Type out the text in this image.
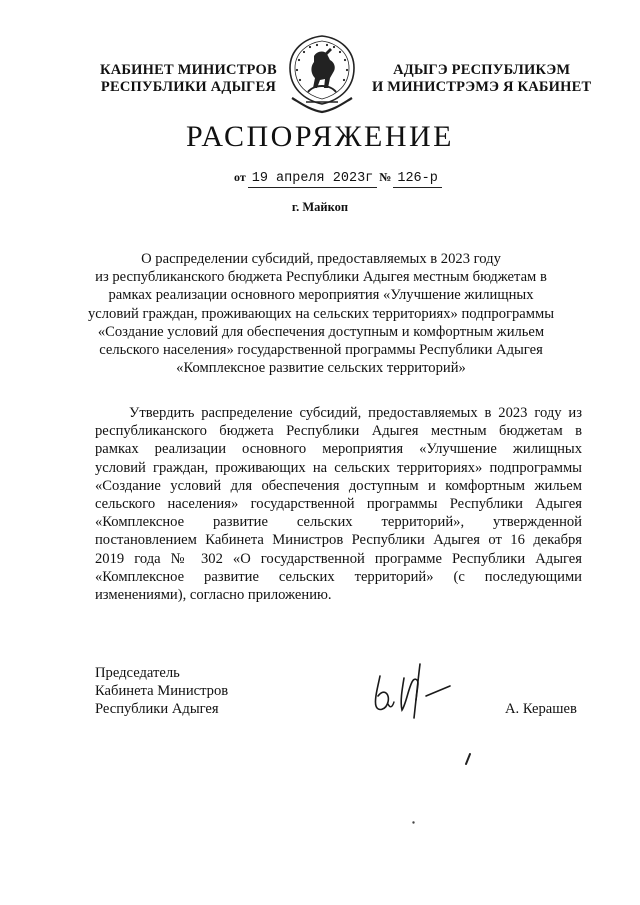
КАБИНЕТ МИНИСТРОВ
РЕСПУБЛИКИ АДЫГЕЯ
АДЫГЭ РЕСПУБЛИКЭМ
И МИНИСТРЭМЭ Я КАБИНЕТ
РАСПОРЯЖЕНИЕ
от 19 апреля 2023г № 126-р
г. Майкоп
О распределении субсидий, предоставляемых в 2023 году
из республиканского бюджета Республики Адыгея местным бюджетам в
рамках реализации основного мероприятия «Улучшение жилищных
условий граждан, проживающих на сельских территориях» подпрограммы
«Создание условий для обеспечения доступным и комфортным жильем
сельского населения» государственной программы Республики Адыгея
«Комплексное развитие сельских территорий»
Утвердить распределение субсидий, предоставляемых в 2023 году из
республиканского бюджета Республики Адыгея местным бюджетам в
рамках реализации основного мероприятия «Улучшение жилищных
условий граждан, проживающих на сельских территориях» подпрограммы
«Создание условий для обеспечения доступным и комфортным жильем
сельского населения» государственной программы Республики Адыгея
«Комплексное развитие сельских территорий», утвержденной
постановлением Кабинета Министров Республики Адыгея от 16 декабря
2019 года № 302 «О государственной программе Республики Адыгея
«Комплексное развитие сельских территорий» (с последующими
изменениями), согласно приложению.
Председатель
Кабинета Министров
Республики Адыгея	А. Керашев
